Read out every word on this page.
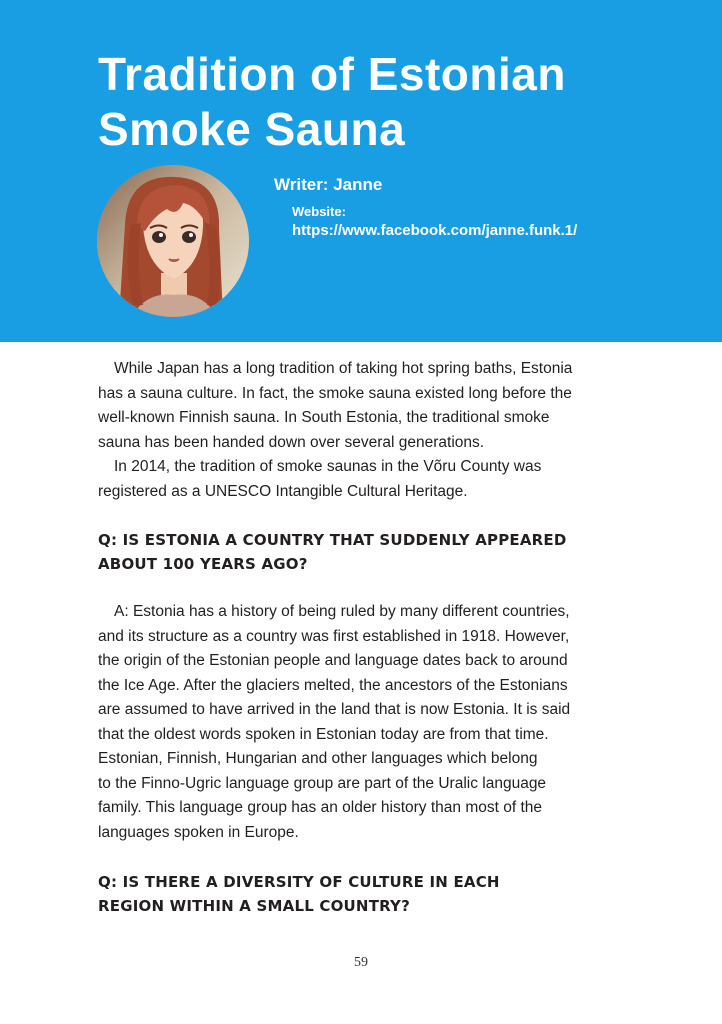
Tradition of Estonian
Smoke Sauna

Writer: Janne

Website:
https://www.facebook.com/janne.funk.1/
While Japan has a long tradition of taking hot spring baths, Estonia
has a sauna culture. In fact, the smoke sauna existed long before the
well-known Finnish sauna. In South Estonia, the traditional smoke
sauna has been handed down over several generations.
In 2014, the tradition of smoke saunas in the Võru County was
registered as a UNESCO Intangible Cultural Heritage.
Q: IS ESTONIA A COUNTRY THAT SUDDENLY APPEARED
ABOUT 100 YEARS AGO?
A: Estonia has a history of being ruled by many different countries,
and its structure as a country was first established in 1918. However,
the origin of the Estonian people and language dates back to around
the Ice Age. After the glaciers melted, the ancestors of the Estonians
are assumed to have arrived in the land that is now Estonia. It is said
that the oldest words spoken in Estonian today are from that time.
Estonian, Finnish, Hungarian and other languages which belong
to the Finno-Ugric language group are part of the Uralic language
family. This language group has an older history than most of the
languages spoken in Europe.
Q: IS THERE A DIVERSITY OF CULTURE IN EACH
REGION WITHIN A SMALL COUNTRY?
59
